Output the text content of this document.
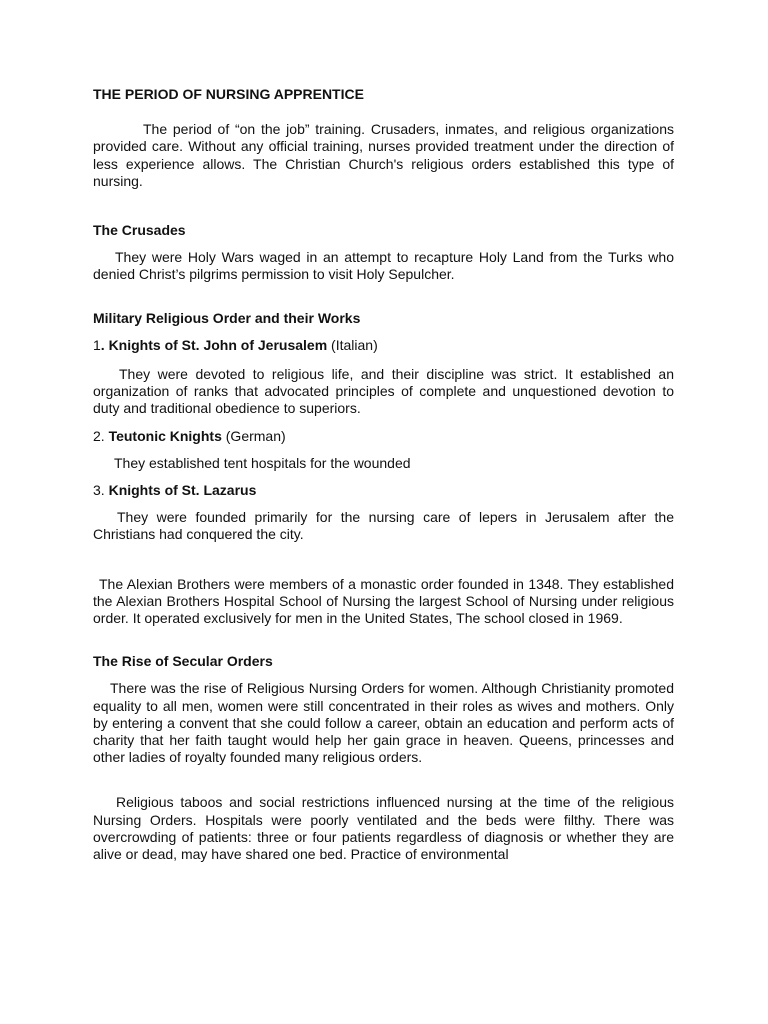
THE PERIOD OF NURSING APPRENTICE

The period of “on the job” training. Crusaders, inmates, and religious organizations provided care. Without any official training, nurses provided treatment under the direction of less experience allows. The Christian Church's religious orders established this type of nursing.

The Crusades

They were Holy Wars waged in an attempt to recapture Holy Land from the Turks who denied Christ’s pilgrims permission to visit Holy Sepulcher.

Military Religious Order and their Works

1. Knights of St. John of Jerusalem (Italian)

They were devoted to religious life, and their discipline was strict. It established an organization of ranks that advocated principles of complete and unquestioned devotion to duty and traditional obedience to superiors.

2. Teutonic Knights (German)

They established tent hospitals for the wounded

3. Knights of St. Lazarus

They were founded primarily for the nursing care of lepers in Jerusalem after the Christians had conquered the city.

The Alexian Brothers were members of a monastic order founded in 1348. They established the Alexian Brothers Hospital School of Nursing the largest School of Nursing under religious order. It operated exclusively for men in the United States, The school closed in 1969.

The Rise of Secular Orders

There was the rise of Religious Nursing Orders for women. Although Christianity promoted equality to all men, women were still concentrated in their roles as wives and mothers. Only by entering a convent that she could follow a career, obtain an education and perform acts of charity that her faith taught would help her gain grace in heaven. Queens, princesses and other ladies of royalty founded many religious orders.

Religious taboos and social restrictions influenced nursing at the time of the religious Nursing Orders. Hospitals were poorly ventilated and the beds were filthy. There was overcrowding of patients: three or four patients regardless of diagnosis or whether they are alive or dead, may have shared one bed. Practice of environmental
